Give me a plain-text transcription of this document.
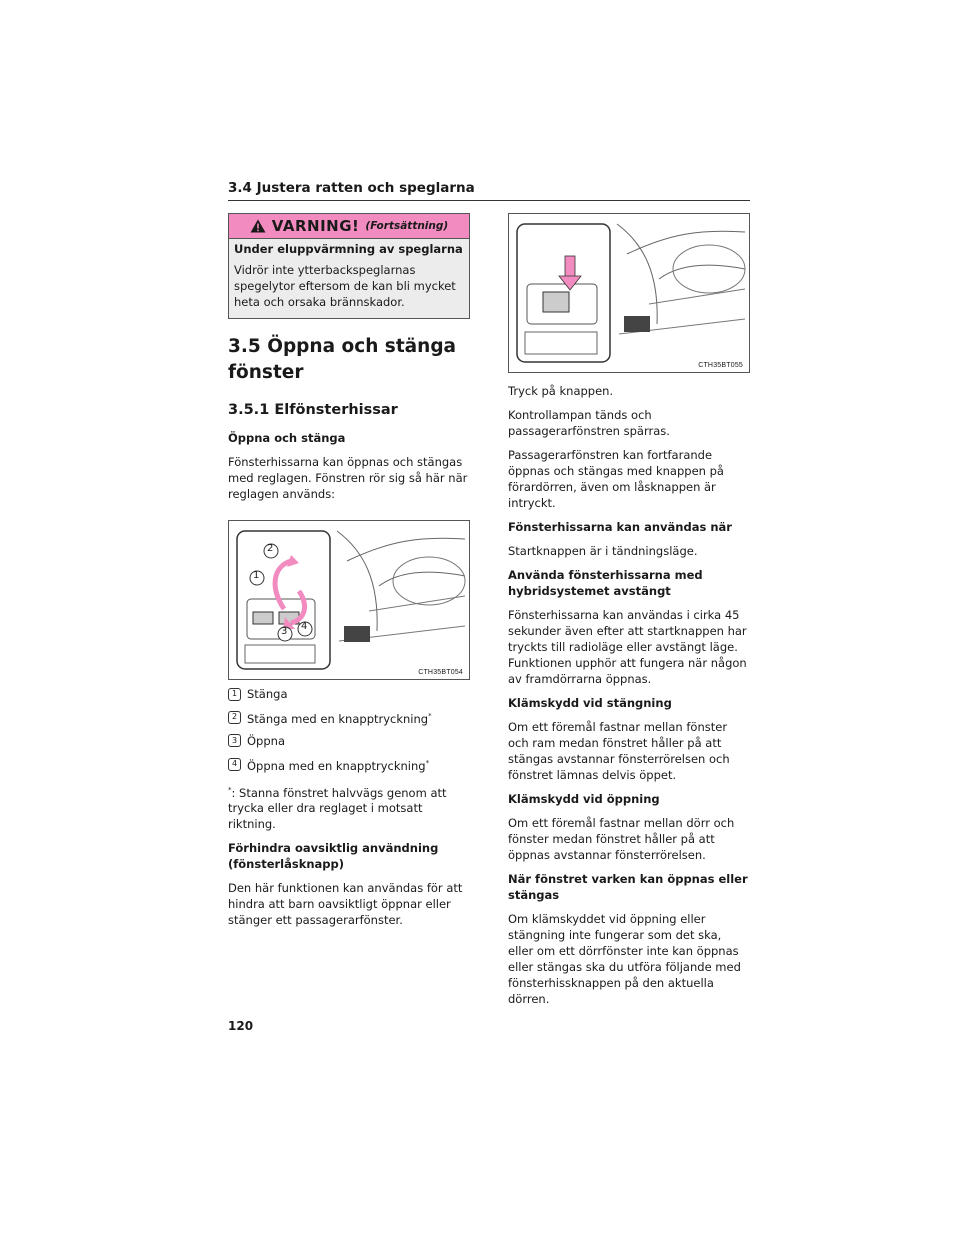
3.4 Justera ratten och speglarna
VARNING! (Fortsättning)
Under eluppvärmning av speglarna
Vidrör inte ytterbackspeglarnas spegelytor eftersom de kan bli mycket heta och orsaka brännskador.
3.5 Öppna och stänga fönster
3.5.1 Elfönsterhissar
Öppna och stänga
Fönsterhissarna kan öppnas och stängas med reglagen. Fönstren rör sig så här när reglagen används:
2
1
3 4
CTH35BT054
1 Stänga
2 Stänga med en knapptryckning*
3 Öppna
4 Öppna med en knapptryckning*
*: Stanna fönstret halvvägs genom att trycka eller dra reglaget i motsatt riktning.
Förhindra oavsiktlig användning (fönsterlåsknapp)
Den här funktionen kan användas för att hindra att barn oavsiktligt öppnar eller stänger ett passagerarfönster.
CTH35BT055
Tryck på knappen.
Kontrollampan tänds och passagerarfönstren spärras.
Passagerarfönstren kan fortfarande öppnas och stängas med knappen på förardörren, även om låsknappen är intryckt.
Fönsterhissarna kan användas när
Startknappen är i tändningsläge.
Använda fönsterhissarna med hybridsystemet avstängt
Fönsterhissarna kan användas i cirka 45 sekunder även efter att startknappen har tryckts till radioläge eller avstängt läge. Funktionen upphör att fungera när någon av framdörrarna öppnas.
Klämskydd vid stängning
Om ett föremål fastnar mellan fönster och ram medan fönstret håller på att stängas avstannar fönsterrörelsen och fönstret lämnas delvis öppet.
Klämskydd vid öppning
Om ett föremål fastnar mellan dörr och fönster medan fönstret håller på att öppnas avstannar fönsterrörelsen.
När fönstret varken kan öppnas eller stängas
Om klämskyddet vid öppning eller stängning inte fungerar som det ska, eller om ett dörrfönster inte kan öppnas eller stängas ska du utföra följande med fönsterhissknappen på den aktuella dörren.
120
